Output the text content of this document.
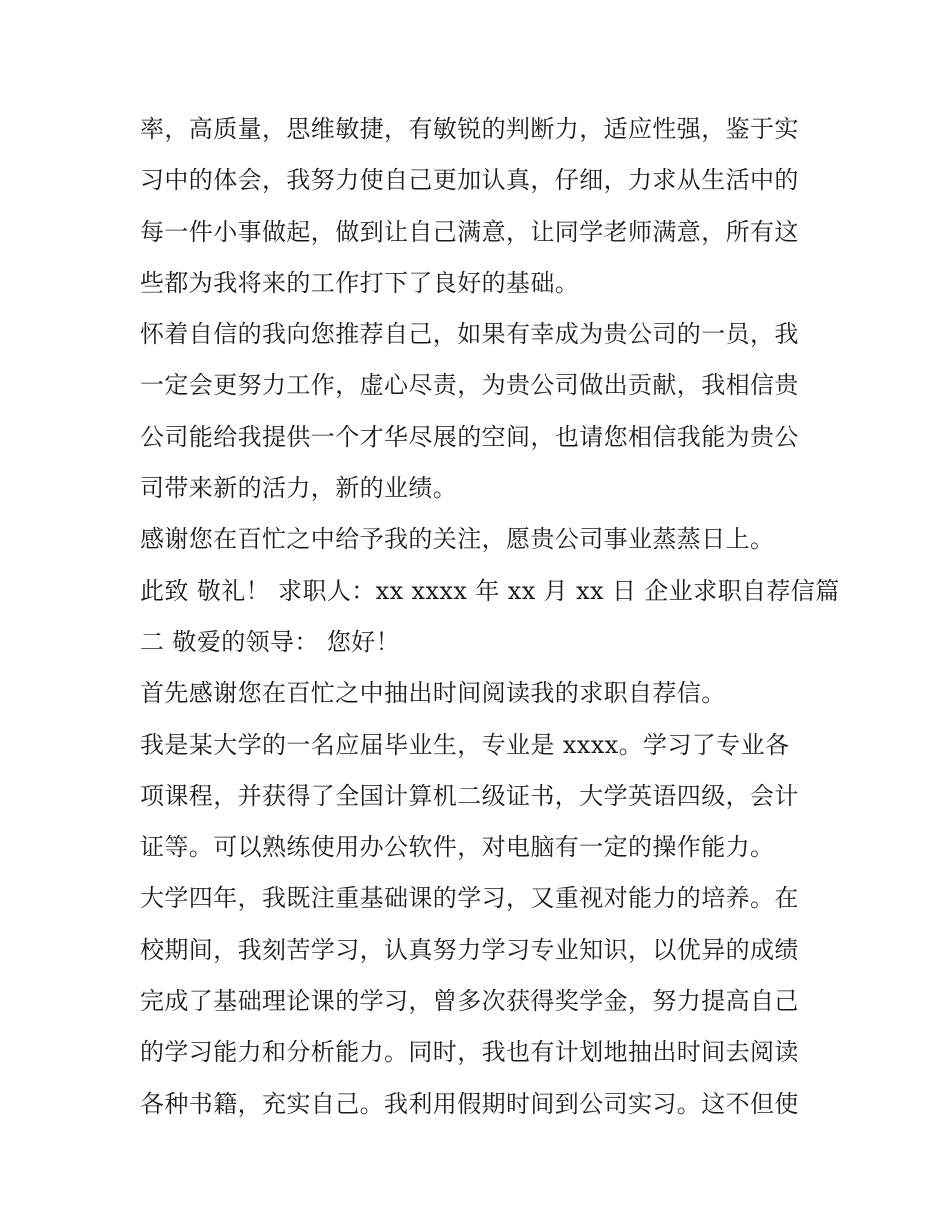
率，高质量，思维敏捷，有敏锐的判断力，适应性强，鉴于实
习中的体会，我努力使自己更加认真，仔细，力求从生活中的
每一件小事做起，做到让自己满意，让同学老师满意，所有这
些都为我将来的工作打下了良好的基础。
怀着自信的我向您推荐自己，如果有幸成为贵公司的一员，我
一定会更努力工作，虚心尽责，为贵公司做出贡献，我相信贵
公司能给我提供一个才华尽展的空间，也请您相信我能为贵公
司带来新的活力，新的业绩。
感谢您在百忙之中给予我的关注，愿贵公司事业蒸蒸日上。
此致 敬礼！ 求职人：xx xxxx 年 xx 月 xx 日 企业求职自荐信篇
二 敬爱的领导： 您好！
首先感谢您在百忙之中抽出时间阅读我的求职自荐信。
我是某大学的一名应届毕业生，专业是 xxxx。学习了专业各
项课程，并获得了全国计算机二级证书，大学英语四级，会计
证等。可以熟练使用办公软件，对电脑有一定的操作能力。
大学四年，我既注重基础课的学习，又重视对能力的培养。在
校期间，我刻苦学习，认真努力学习专业知识，以优异的成绩
完成了基础理论课的学习，曾多次获得奖学金，努力提高自己
的学习能力和分析能力。同时，我也有计划地抽出时间去阅读
各种书籍，充实自己。我利用假期时间到公司实习。这不但使
